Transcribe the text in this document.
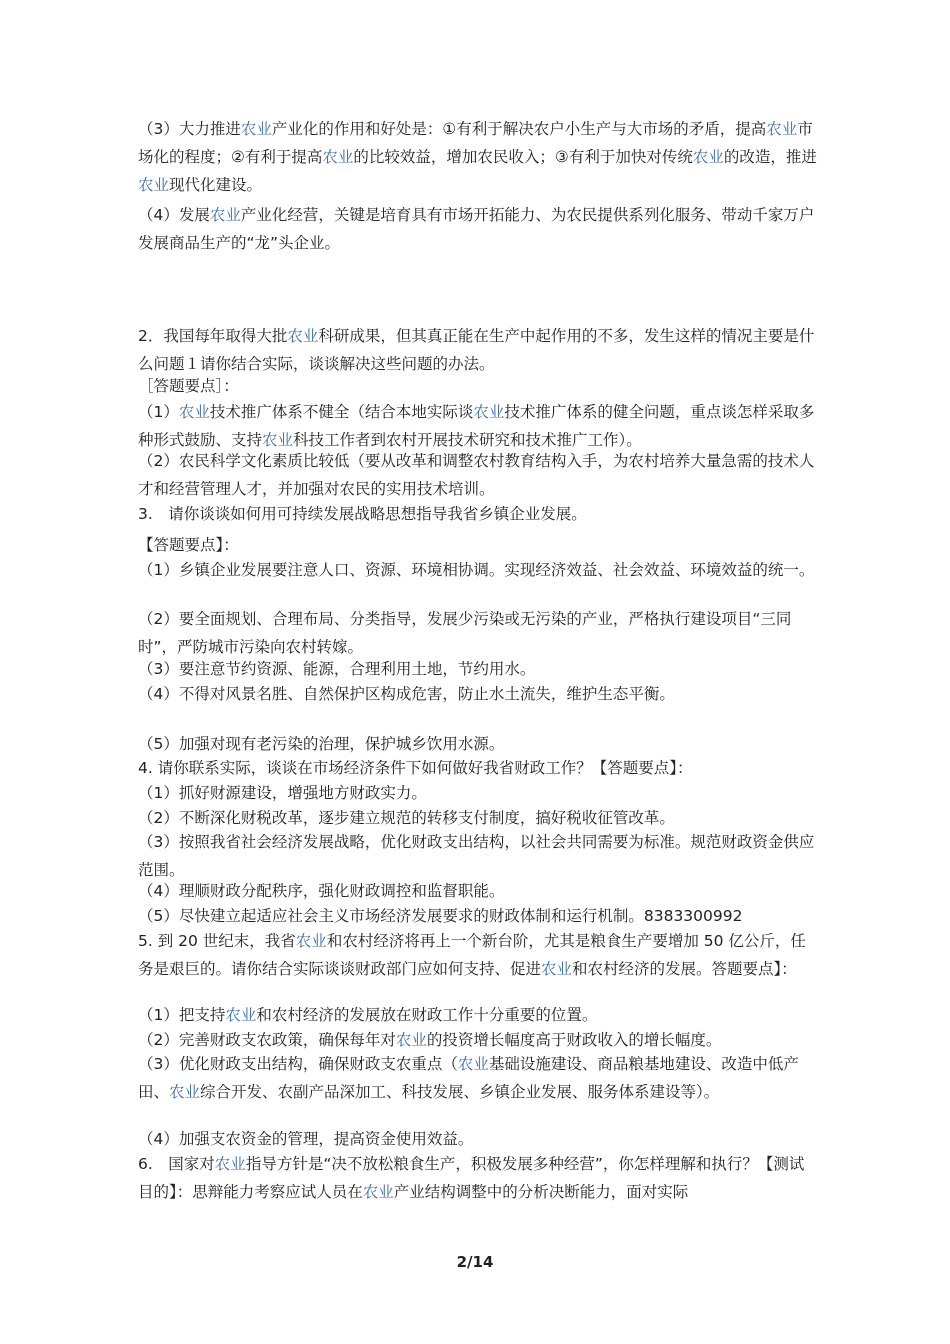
（3）大力推进农业产业化的作用和好处是：①有利于解决农户小生产与大市场的矛盾，提高农业市场化的程度；②有利于提高农业的比较效益，增加农民收入；③有利于加快对传统农业的改造，推进农业现代化建设。

（4）发展农业产业化经营，关键是培育具有市场开拓能力、为农民提供系列化服务、带动千家万户发展商品生产的“龙”头企业。

2．我国每年取得大批农业科研成果，但其真正能在生产中起作用的不多，发生这样的情况主要是什么问题１请你结合实际，谈谈解决这些问题的办法。

［答题要点］：

（1）农业技术推广体系不健全（结合本地实际谈农业技术推广体系的健全问题，重点谈怎样采取多种形式鼓励、支持农业科技工作者到农村开展技术研究和技术推广工作）。

（2）农民科学文化素质比较低（要从改革和调整农村教育结构入手，为农村培养大量急需的技术人才和经营管理人才，并加强对农民的实用技术培训。

3.　请你谈谈如何用可持续发展战略思想指导我省乡镇企业发展。

【答题要点】：

（1）乡镇企业发展要注意人口、资源、环境相协调。实现经济效益、社会效益、环境效益的统一。

（2）要全面规划、合理布局、分类指导，发展少污染或无污染的产业，严格执行建设项目“三同时”，严防城市污染向农村转嫁。

（3）要注意节约资源、能源，合理利用土地，节约用水。

（4）不得对风景名胜、自然保护区构成危害，防止水土流失，维护生态平衡。

（5）加强对现有老污染的治理，保护城乡饮用水源。

4. 请你联系实际，谈谈在市场经济条件下如何做好我省财政工作？【答题要点】：

（1）抓好财源建设，增强地方财政实力。

（2）不断深化财税改革，逐步建立规范的转移支付制度，搞好税收征管改革。

（3）按照我省社会经济发展战略，优化财政支出结构，以社会共同需要为标准。规范财政资金供应范围。

（4）理顺财政分配秩序，强化财政调控和监督职能。

（5）尽快建立起适应社会主义市场经济发展要求的财政体制和运行机制。8383300992

5. 到 20 世纪末，我省农业和农村经济将再上一个新台阶，尤其是粮食生产要增加 50 亿公斤，任务是艰巨的。请你结合实际谈谈财政部门应如何支持、促进农业和农村经济的发展。答题要点】：

（1）把支持农业和农村经济的发展放在财政工作十分重要的位置。

（2）完善财政支农政策，确保每年对农业的投资增长幅度高于财政收入的增长幅度。

（3）优化财政支出结构，确保财政支农重点（农业基础设施建设、商品粮基地建设、改造中低产田、农业综合开发、农副产品深加工、科技发展、乡镇企业发展、服务体系建设等）。

（4）加强支农资金的管理，提高资金使用效益。

6.　国家对农业指导方针是“决不放松粮食生产，积极发展多种经营”，你怎样理解和执行？【测试目的】：思辩能力考察应试人员在农业产业结构调整中的分析决断能力，面对实际

2/14
